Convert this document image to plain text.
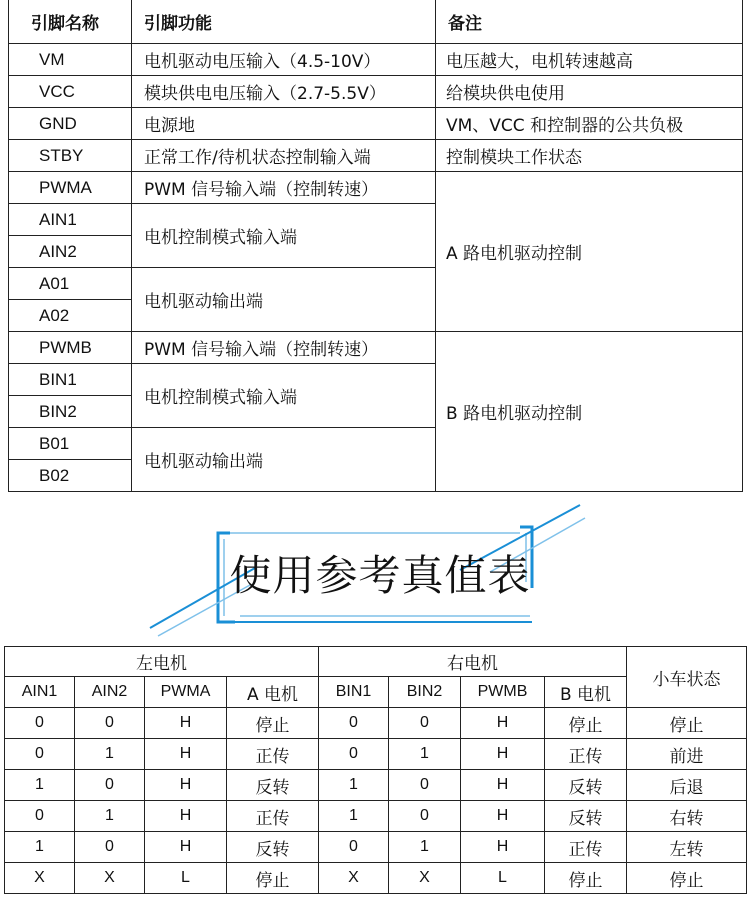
引脚名称	引脚功能	备注
VM	电机驱动电压输入（4.5-10V）	电压越大，电机转速越高
VCC	模块供电电压输入（2.7-5.5V）	给模块供电使用
GND	电源地	VM、VCC 和控制器的公共负极
STBY	正常工作/待机状态控制输入端	控制模块工作状态
PWMA	PWM 信号输入端（控制转速）	A 路电机驱动控制
AIN1	电机控制模式输入端	
AIN2		
A01	电机驱动输出端	
A02		
PWMB	PWM 信号输入端（控制转速）	B 路电机驱动控制
BIN1	电机控制模式输入端	
BIN2		
B01	电机驱动输出端	
B02		
使用参考真值表
左电机				右电机				小车状态
AIN1	AIN2	PWMA	A 电机	BIN1	BIN2	PWMB	B 电机	
0	0	H	停止	0	0	H	停止	停止
0	1	H	正传	0	1	H	正传	前进
1	0	H	反转	1	0	H	反转	后退
0	1	H	正传	1	0	H	反转	右转
1	0	H	反转	0	1	H	正传	左转
X	X	L	停止	X	X	L	停止	停止
